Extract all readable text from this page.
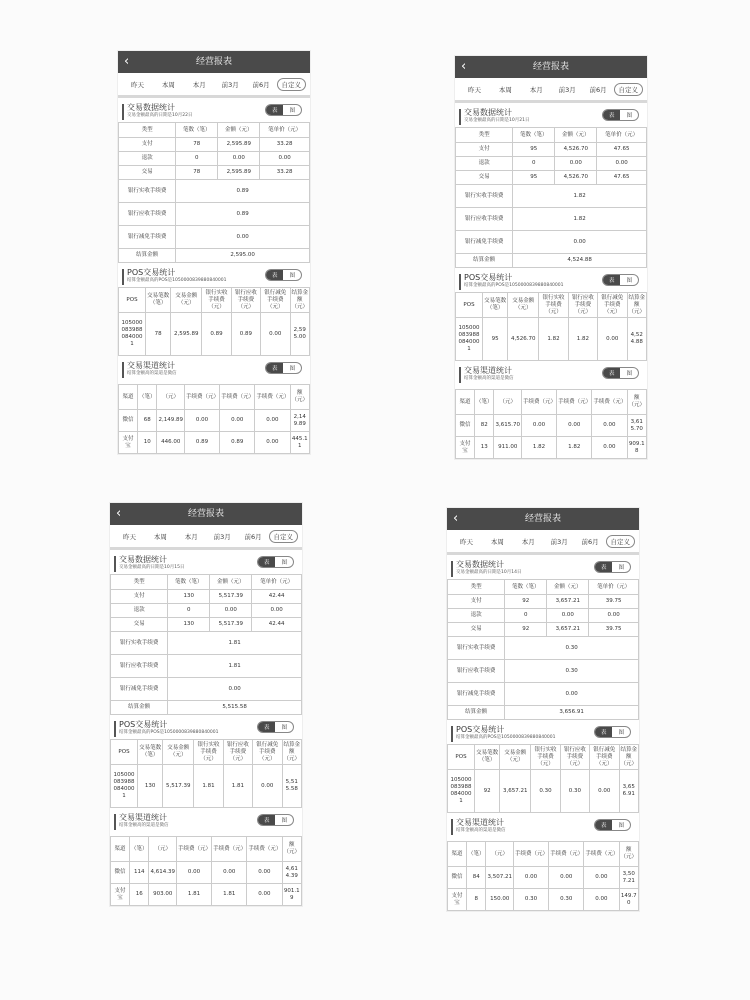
‹	经营报表
昨天	本周	本月	前3月	前6月	自定义
交易数据统计
交易金额最高的日期是10月22日
表	图
类型	笔数（笔）	金额（元）	笔单价（元）
支付	78	2,595.89	33.28
退款	0	0.00	0.00
交易	78	2,595.89	33.28
银行实收手续费	0.89		
银行应收手续费	0.89		
银行减免手续费	0.00		
结算金额	2,595.00		
POS交易统计
结算金额最高的POS是1050000839880840001
表	图
POS	交易笔数（笔）	交易金额（元）	银行实收手续费（元）	银行应收手续费（元）	银行减免手续费（元）	结算金额（元）
1050000839880840001	78	2,595.89	0.89	0.89	0.00	2,595.00
交易渠道统计
结算金额高的渠道是微信
表	图
渠道	（笔）	（元）	手续费（元）	手续费（元）	手续费（元）	额（元）
微信	68	2,149.89	0.00	0.00	0.00	2,149.89
支付宝	10	446.00	0.89	0.89	0.00	445.11
‹	经营报表
昨天	本周	本月	前3月	前6月	自定义
交易数据统计
交易金额最高的日期是10月21日
表	图
类型	笔数（笔）	金额（元）	笔单价（元）
支付	95	4,526.70	47.65
退款	0	0.00	0.00
交易	95	4,526.70	47.65
银行实收手续费	1.82		
银行应收手续费	1.82		
银行减免手续费	0.00		
结算金额	4,524.88		
POS交易统计
结算金额最高的POS是1050000839880840001
表	图
POS	交易笔数（笔）	交易金额（元）	银行实收手续费（元）	银行应收手续费（元）	银行减免手续费（元）	结算金额（元）
1050000839880840001	95	4,526.70	1.82	1.82	0.00	4,524.88
交易渠道统计
结算金额高的渠道是微信
表	图
渠道	（笔）	（元）	手续费（元）	手续费（元）	手续费（元）	额（元）
微信	82	3,615.70	0.00	0.00	0.00	3,615.70
支付宝	13	911.00	1.82	1.82	0.00	909.18
‹	经营报表
昨天	本周	本月	前3月	前6月	自定义
交易数据统计
交易金额最高的日期是10月15日
表	图
类型	笔数（笔）	金额（元）	笔单价（元）
支付	130	5,517.39	42.44
退款	0	0.00	0.00
交易	130	5,517.39	42.44
银行实收手续费	1.81		
银行应收手续费	1.81		
银行减免手续费	0.00		
结算金额	5,515.58		
POS交易统计
结算金额最高的POS是1050000839880840001
表	图
POS	交易笔数（笔）	交易金额（元）	银行实收手续费（元）	银行应收手续费（元）	银行减免手续费（元）	结算金额（元）
1050000839880840001	130	5,517.39	1.81	1.81	0.00	5,515.58
交易渠道统计
结算金额高的渠道是微信
表	图
渠道	（笔）	（元）	手续费（元）	手续费（元）	手续费（元）	额（元）
微信	114	4,614.39	0.00	0.00	0.00	4,614.39
支付宝	16	903.00	1.81	1.81	0.00	901.19
‹	经营报表
昨天	本周	本月	前3月	前6月	自定义
交易数据统计
交易金额最高的日期是10月14日
表	图
类型	笔数（笔）	金额（元）	笔单价（元）
支付	92	3,657.21	39.75
退款	0	0.00	0.00
交易	92	3,657.21	39.75
银行实收手续费	0.30		
银行应收手续费	0.30		
银行减免手续费	0.00		
结算金额	3,656.91		
POS交易统计
结算金额最高的POS是1050000839880840001
表	图
POS	交易笔数（笔）	交易金额（元）	银行实收手续费（元）	银行应收手续费（元）	银行减免手续费（元）	结算金额（元）
1050000839880840001	92	3,657.21	0.30	0.30	0.00	3,656.91
交易渠道统计
结算金额高的渠道是微信
表	图
渠道	（笔）	（元）	手续费（元）	手续费（元）	手续费（元）	额（元）
微信	84	3,507.21	0.00	0.00	0.00	3,507.21
支付宝	8	150.00	0.30	0.30	0.00	149.70
